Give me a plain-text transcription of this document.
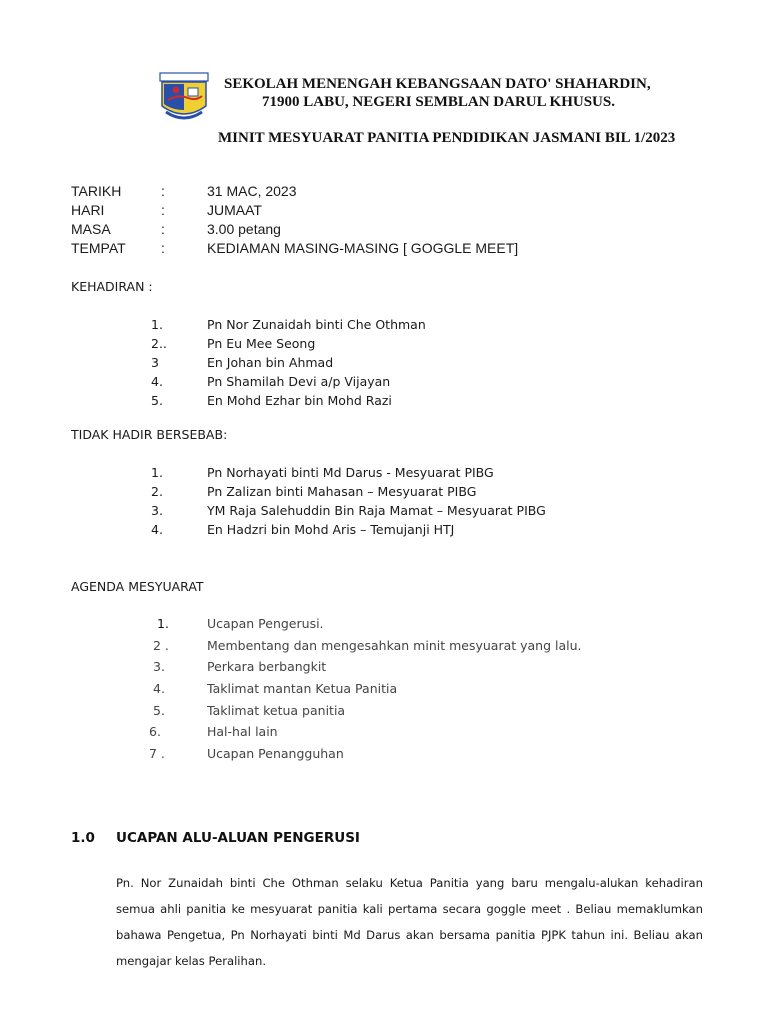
SEKOLAH MENENGAH KEBANGSAAN DATO' SHAHARDIN,
71900 LABU, NEGERI SEMBLAN DARUL KHUSUS.
MINIT MESYUARAT PANITIA PENDIDIKAN JASMANI BIL 1/2023
TARIKH	:	31 MAC, 2023
HARI	:	JUMAAT
MASA	:	3.00 petang
TEMPAT	:	KEDIAMAN MASING-MASING [ GOGGLE MEET]
KEHADIRAN :
1.	Pn Nor Zunaidah binti Che Othman
2..	Pn Eu Mee Seong
3	En Johan bin Ahmad
4.	Pn Shamilah Devi a/p Vijayan
5.	En Mohd Ezhar bin Mohd Razi
TIDAK HADIR BERSEBAB:
1.	Pn Norhayati binti Md Darus - Mesyuarat PIBG
2.	Pn Zalizan binti Mahasan – Mesyuarat PIBG
3.	YM Raja Salehuddin Bin Raja Mamat – Mesyuarat PIBG
4.	En Hadzri bin Mohd Aris – Temujanji HTJ
AGENDA MESYUARAT
1.	Ucapan Pengerusi.
2 .	Membentang dan mengesahkan minit mesyuarat yang lalu.
3.	Perkara berbangkit
4.	Taklimat mantan Ketua Panitia
5.	Taklimat ketua panitia
6.	Hal-hal lain
7 .	Ucapan Penangguhan
1.0 UCAPAN ALU-ALUAN PENGERUSI
Pn. Nor Zunaidah binti Che Othman selaku Ketua Panitia yang baru mengalu-alukan kehadiran semua ahli panitia ke mesyuarat panitia kali pertama secara goggle meet . Beliau memaklumkan bahawa Pengetua, Pn Norhayati binti Md Darus akan bersama panitia PJPK tahun ini. Beliau akan mengajar kelas Peralihan.
